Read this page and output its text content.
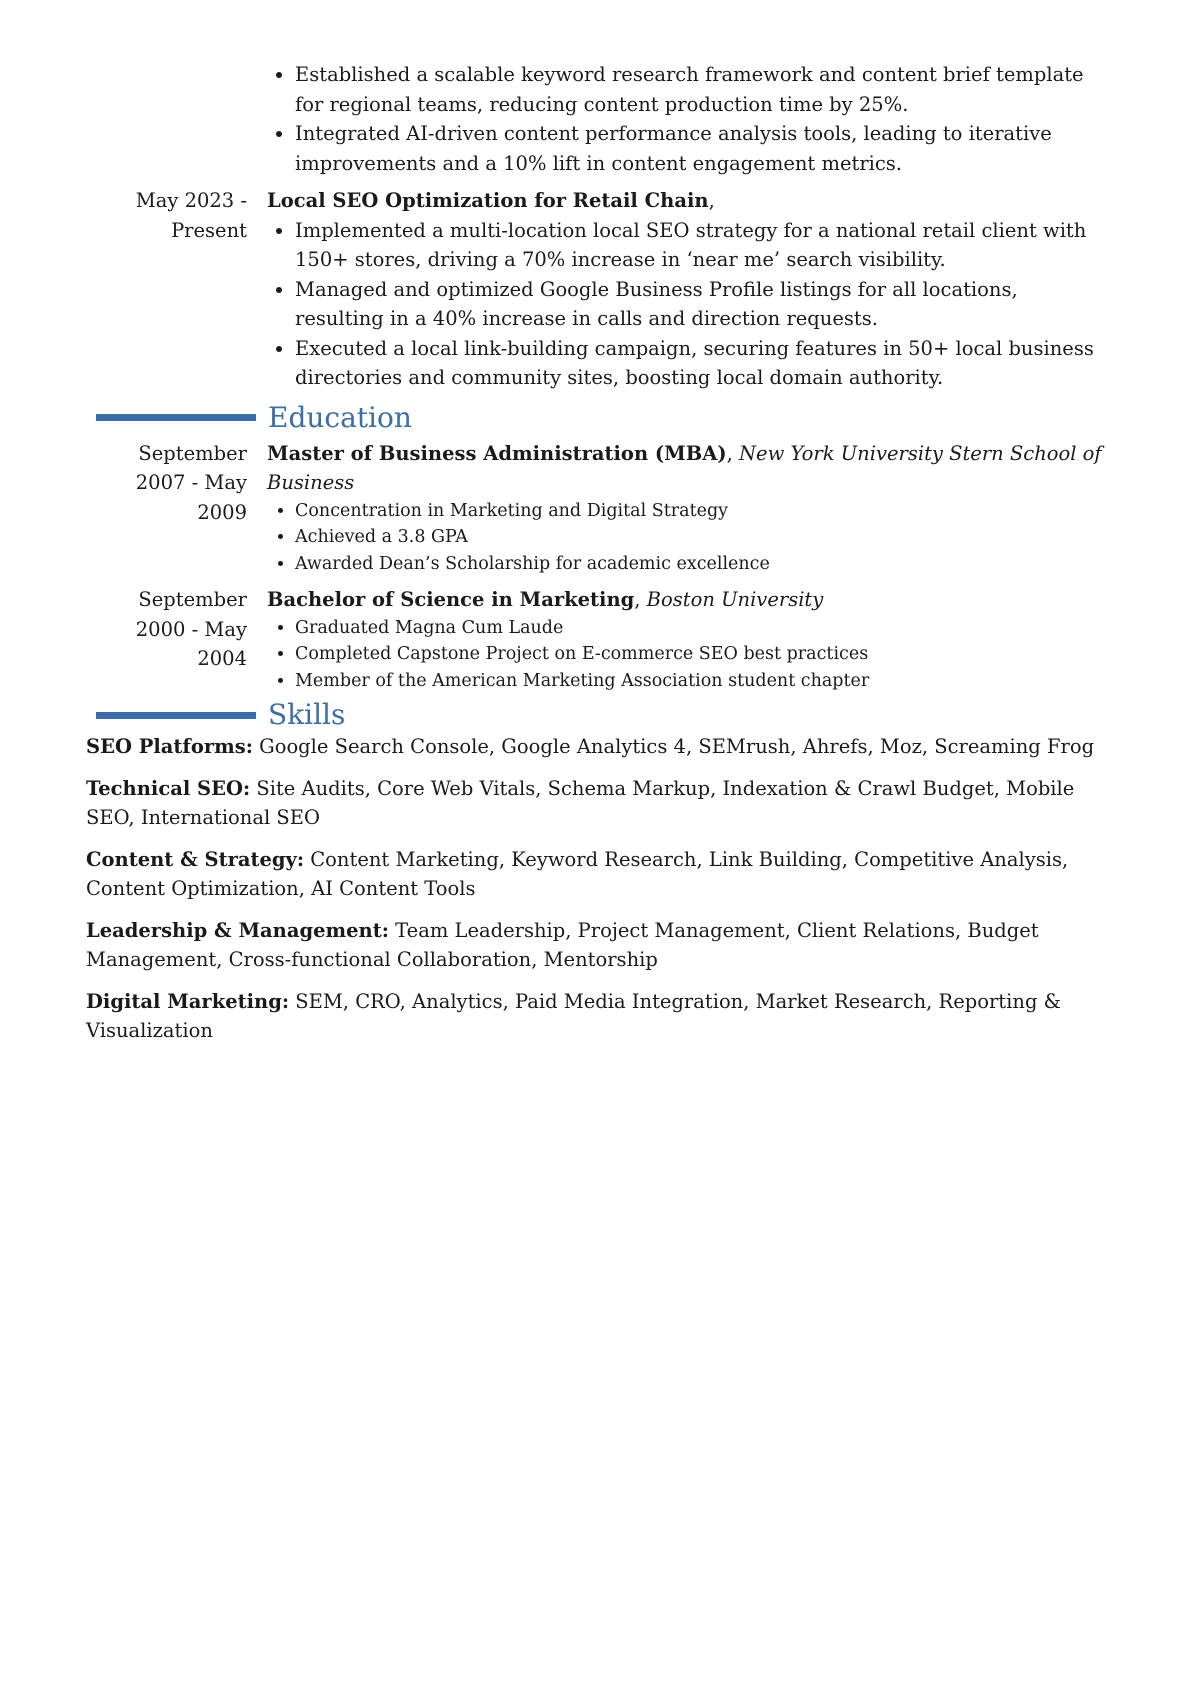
• Established a scalable keyword research framework and content brief template for regional teams, reducing content production time by 25%.
• Integrated AI-driven content performance analysis tools, leading to iterative improvements and a 10% lift in content engagement metrics.
May 2023 - Present
Local SEO Optimization for Retail Chain,
• Implemented a multi-location local SEO strategy for a national retail client with 150+ stores, driving a 70% increase in ‘near me’ search visibility.
• Managed and optimized Google Business Profile listings for all locations, resulting in a 40% increase in calls and direction requests.
• Executed a local link-building campaign, securing features in 50+ local business directories and community sites, boosting local domain authority.
Education
September 2007 - May 2009
Master of Business Administration (MBA), New York University Stern School of Business
• Concentration in Marketing and Digital Strategy
• Achieved a 3.8 GPA
• Awarded Dean’s Scholarship for academic excellence
September 2000 - May 2004
Bachelor of Science in Marketing, Boston University
• Graduated Magna Cum Laude
• Completed Capstone Project on E-commerce SEO best practices
• Member of the American Marketing Association student chapter
Skills

SEO Platforms: Google Search Console, Google Analytics 4, SEMrush, Ahrefs, Moz, Screaming Frog

Technical SEO: Site Audits, Core Web Vitals, Schema Markup, Indexation & Crawl Budget, Mobile SEO, International SEO

Content & Strategy: Content Marketing, Keyword Research, Link Building, Competitive Analysis, Content Optimization, AI Content Tools

Leadership & Management: Team Leadership, Project Management, Client Relations, Budget Management, Cross-functional Collaboration, Mentorship

Digital Marketing: SEM, CRO, Analytics, Paid Media Integration, Market Research, Reporting & Visualization
